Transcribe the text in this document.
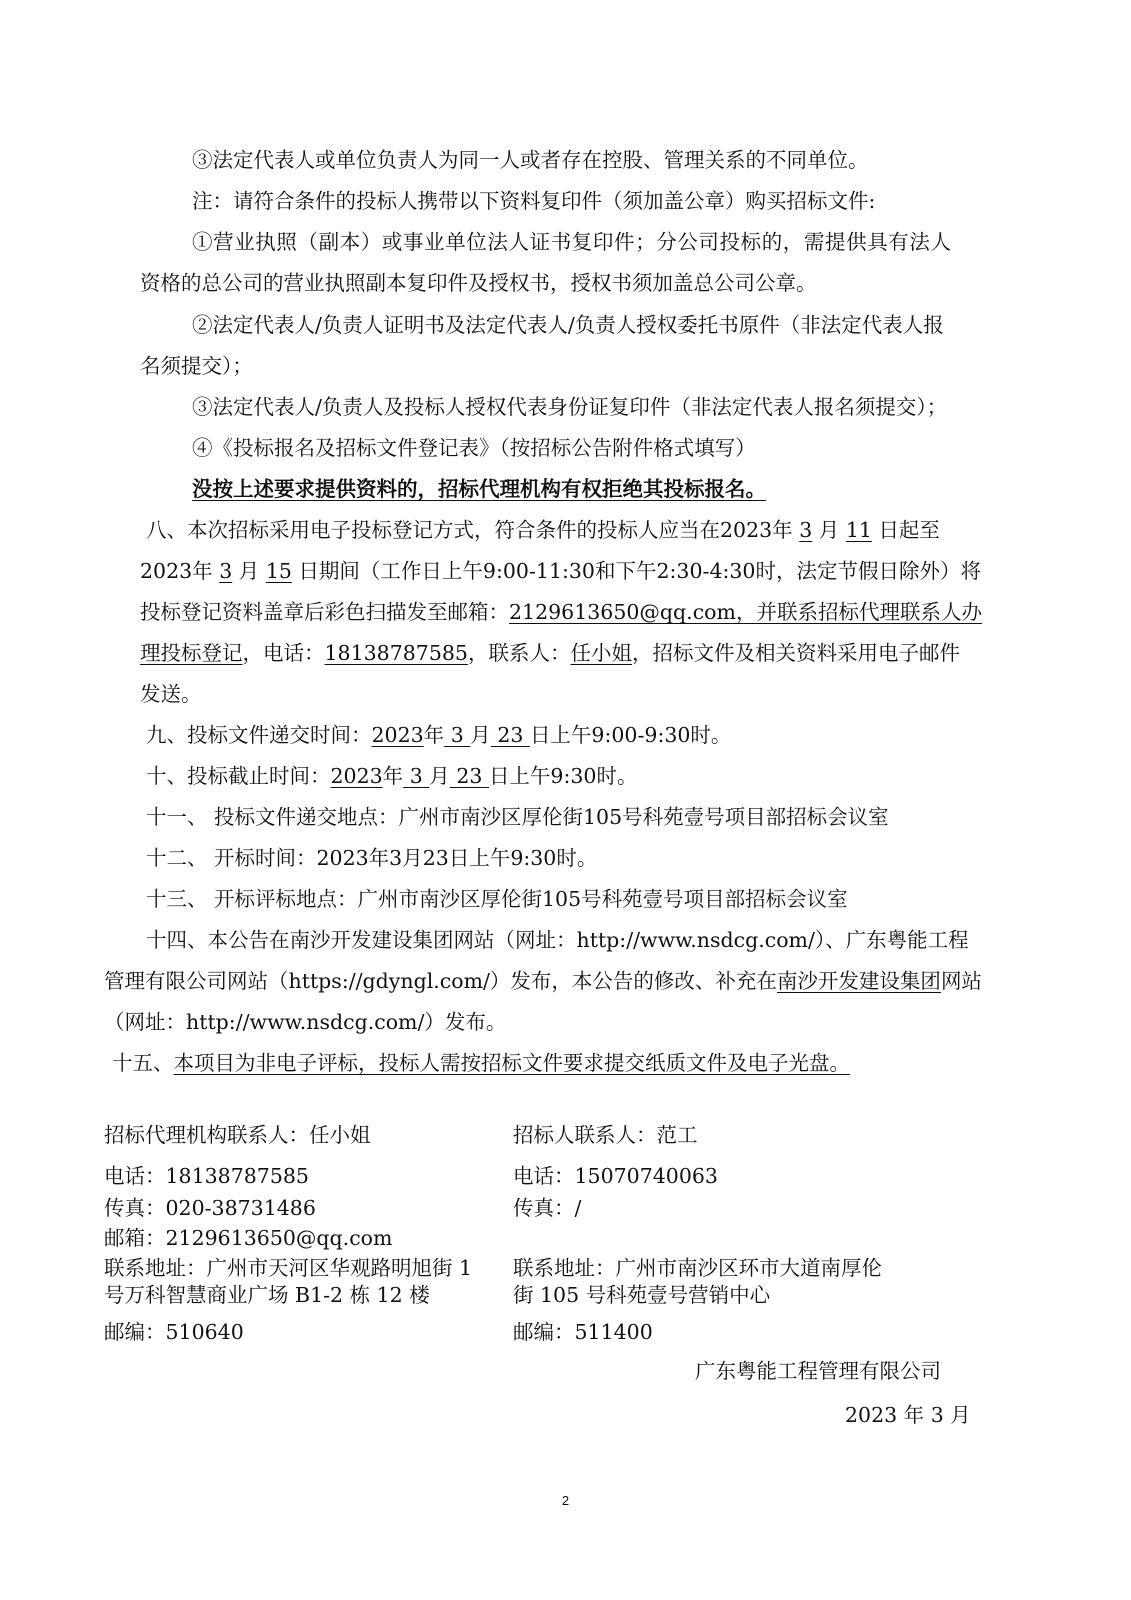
③法定代表人或单位负责人为同一人或者存在控股、管理关系的不同单位。
注：请符合条件的投标人携带以下资料复印件（须加盖公章）购买招标文件:
①营业执照（副本）或事业单位法人证书复印件；分公司投标的，需提供具有法人
资格的总公司的营业执照副本复印件及授权书，授权书须加盖总公司公章。
②法定代表人/负责人证明书及法定代表人/负责人授权委托书原件（非法定代表人报
名须提交）；
③法定代表人/负责人及投标人授权代表身份证复印件（非法定代表人报名须提交）；
④《投标报名及招标文件登记表》（按招标公告附件格式填写）
没按上述要求提供资料的，招标代理机构有权拒绝其投标报名。
八、本次招标采用电子投标登记方式，符合条件的投标人应当在2023年 3 月 11 日起至
2023年 3 月 15 日期间（工作日上午9:00-11:30和下午2:30-4:30时，法定节假日除外）将
投标登记资料盖章后彩色扫描发至邮箱：2129613650@qq.com，并联系招标代理联系人办
理投标登记，电话：18138787585，联系人：任小姐，招标文件及相关资料采用电子邮件
发送。
九、投标文件递交时间：2023年 3 月 23 日上午9:00-9:30时。
十、投标截止时间：2023年 3 月 23 日上午9:30时。
十一、 投标文件递交地点：广州市南沙区厚伦街105号科苑壹号项目部招标会议室
十二、 开标时间：2023年3月23日上午9:30时。
十三、 开标评标地点：广州市南沙区厚伦街105号科苑壹号项目部招标会议室
十四、本公告在南沙开发建设集团网站（网址：http://www.nsdcg.com/）、广东粤能工程
管理有限公司网站（https://gdyngl.com/）发布，本公告的修改、补充在南沙开发建设集团网站
（网址：http://www.nsdcg.com/）发布。
十五、本项目为非电子评标，投标人需按招标文件要求提交纸质文件及电子光盘。
招标代理机构联系人：任小姐
电话：18138787585
传真：020-38731486
邮箱：2129613650@qq.com
联系地址：广州市天河区华观路明旭街 1
号万科智慧商业广场 B1-2 栋 12 楼
邮编：510640
招标人联系人：范工
电话：15070740063
传真：/
联系地址：广州市南沙区环市大道南厚伦
街 105 号科苑壹号营销中心
邮编：511400
广东粤能工程管理有限公司
2023 年 3 月
2
